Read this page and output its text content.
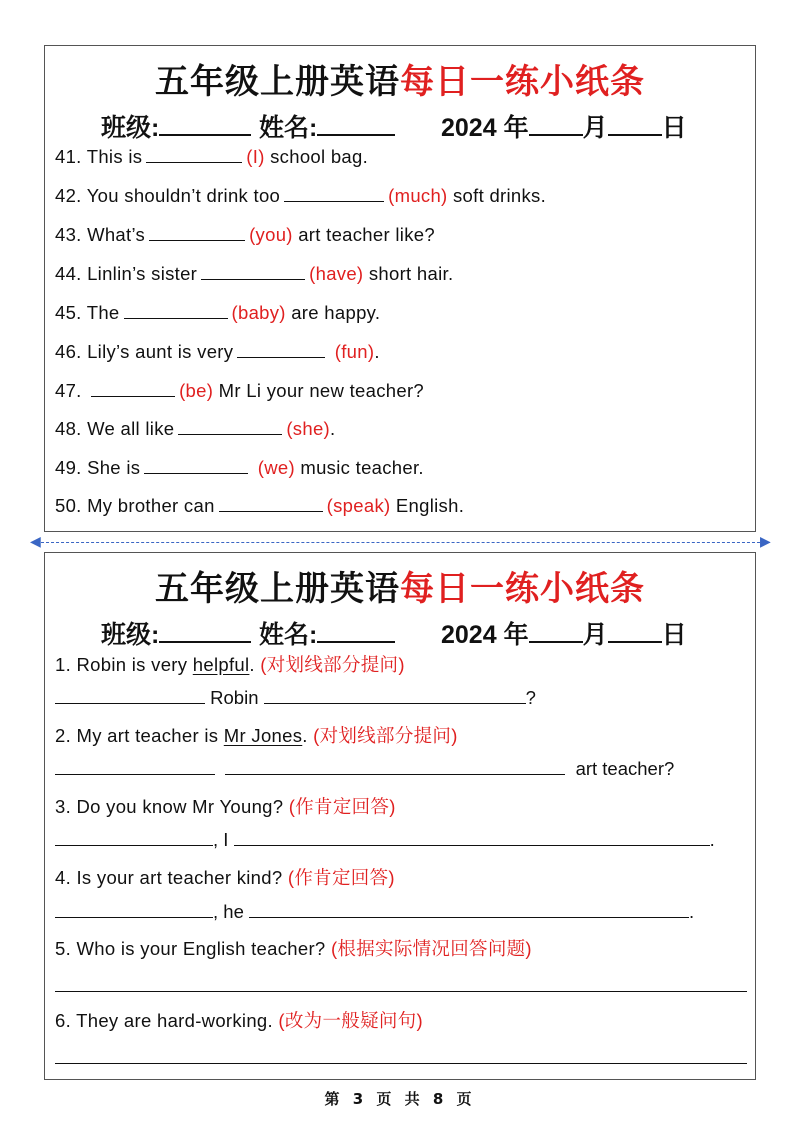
五年级上册英语每日一练小纸条
班级:	姓名:	2024 年 月 日
41. This is	(I) school bag.
42. You shouldn’t drink too	(much) soft drinks.
43. What’s	(you) art teacher like?
44. Linlin’s sister	(have) short hair.
45. The	(baby) are happy.
46. Lily’s aunt is very	(fun).
47.	(be) Mr Li your new teacher?
48. We all like	(she).
49. She is	(we) music teacher.
50. My brother can	(speak) English.
◀	▶
五年级上册英语每日一练小纸条
班级:	姓名:	2024 年 月 日
1. Robin is very helpful. (对划线部分提问)
Robin	?
2. My art teacher is Mr Jones. (对划线部分提问)
art teacher?
3. Do you know Mr Young? (作肯定回答)
, I	.
4. Is your art teacher kind? (作肯定回答)
, he	.
5. Who is your English teacher? (根据实际情况回答问题)
6. They are hard-working. (改为一般疑问句)
第 3 页 共 8 页
